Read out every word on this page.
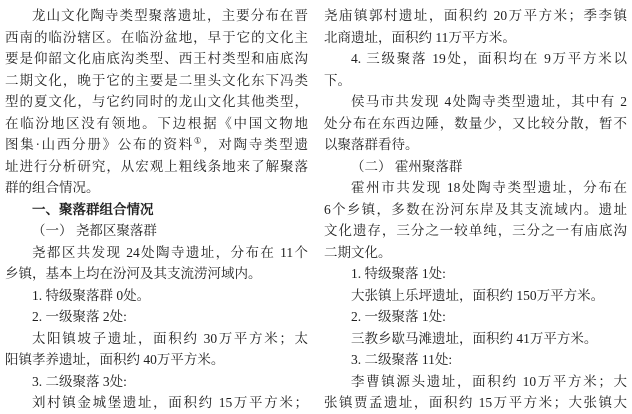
龙山文化陶寺类型聚落遗址，主要分布在晋
西南的临汾辖区。在临汾盆地，早于它的文化主
要是仰韶文化庙底沟类型、西王村类型和庙底沟
二期文化，晚于它的主要是二里头文化东下冯类
型的夏文化，与它约同时的龙山文化其他类型，
在临汾地区没有领地。下边根据《中国文物地
图集·山西分册》公布的资料①，对陶寺类型遗
址进行分析研究，从宏观上粗线条地来了解聚落
群的组合情况。
一、聚落群组合情况
（一） 尧都区聚落群
尧都区共发现 24处陶寺遗址，分布在 11个
乡镇，基本上均在汾河及其支流涝河域内。
1. 特级聚落群 0处。
2. 一级聚落 2处:
太阳镇坡子遗址，面积约 30万平方米；太
阳镇孝养遗址，面积约 40万平方米。
3. 二级聚落 3处:
刘村镇金城堡遗址，面积约 15万平方米；
尧庙镇郭村遗址，面积约 20万平方米；季李镇
北商遗址，面积约 11万平方米。
4. 三级聚落 19处，面积均在 9万平方米以
下。
侯马市共发现 4处陶寺类型遗址，其中有 2
处分布在东西边陲，数量少，又比较分散，暂不
以聚落群看待。
（二） 霍州聚落群
霍州市共发现 18处陶寺类型遗址，分布在
6个乡镇，多数在汾河东岸及其支流域内。遗址
文化遗存，三分之一较单纯，三分之一有庙底沟
二期文化。
1. 特级聚落 1处:
大张镇上乐坪遗址，面积约 150万平方米。
2. 一级聚落 1处:
三教乡歇马滩遗址，面积约 41万平方米。
3. 二级聚落 11处:
李曹镇源头遗址，面积约 10万平方米；大
张镇贾孟遗址，面积约 15万平方米；大张镇大
